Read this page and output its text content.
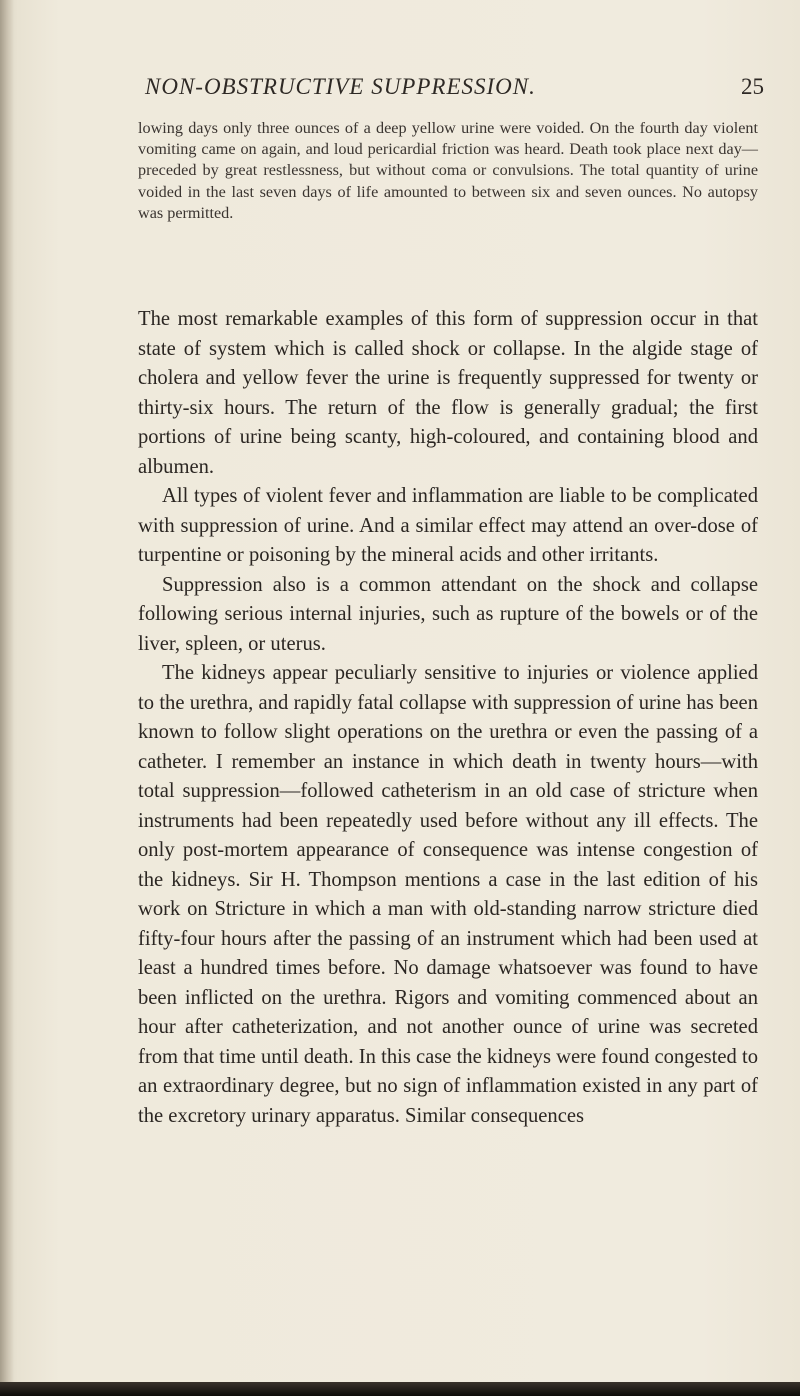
NON-OBSTRUCTIVE SUPPRESSION.	25

lowing days only three ounces of a deep yellow urine were voided. On the fourth day violent vomiting came on again, and loud pericardial friction was heard. Death took place next day—preceded by great restlessness, but without coma or convulsions. The total quantity of urine voided in the last seven days of life amounted to between six and seven ounces. No autopsy was permitted.

The most remarkable examples of this form of suppression occur in that state of system which is called shock or collapse. In the algide stage of cholera and yellow fever the urine is frequently suppressed for twenty or thirty-six hours. The return of the flow is generally gradual; the first portions of urine being scanty, high-coloured, and containing blood and albumen.

All types of violent fever and inflammation are liable to be complicated with suppression of urine. And a similar effect may attend an over-dose of turpentine or poisoning by the mineral acids and other irritants.

Suppression also is a common attendant on the shock and collapse following serious internal injuries, such as rupture of the bowels or of the liver, spleen, or uterus.

The kidneys appear peculiarly sensitive to injuries or violence applied to the urethra, and rapidly fatal collapse with suppression of urine has been known to follow slight operations on the urethra or even the passing of a catheter. I remember an instance in which death in twenty hours—with total suppression—followed catheterism in an old case of stricture when instruments had been repeatedly used before without any ill effects. The only post-mortem appearance of consequence was intense congestion of the kidneys. Sir H. Thompson mentions a case in the last edition of his work on Stricture in which a man with old-standing narrow stricture died fifty-four hours after the passing of an instrument which had been used at least a hundred times before. No damage whatsoever was found to have been inflicted on the urethra. Rigors and vomiting commenced about an hour after catheterization, and not another ounce of urine was secreted from that time until death. In this case the kidneys were found congested to an extraordinary degree, but no sign of inflammation existed in any part of the excretory urinary apparatus. Similar consequences
